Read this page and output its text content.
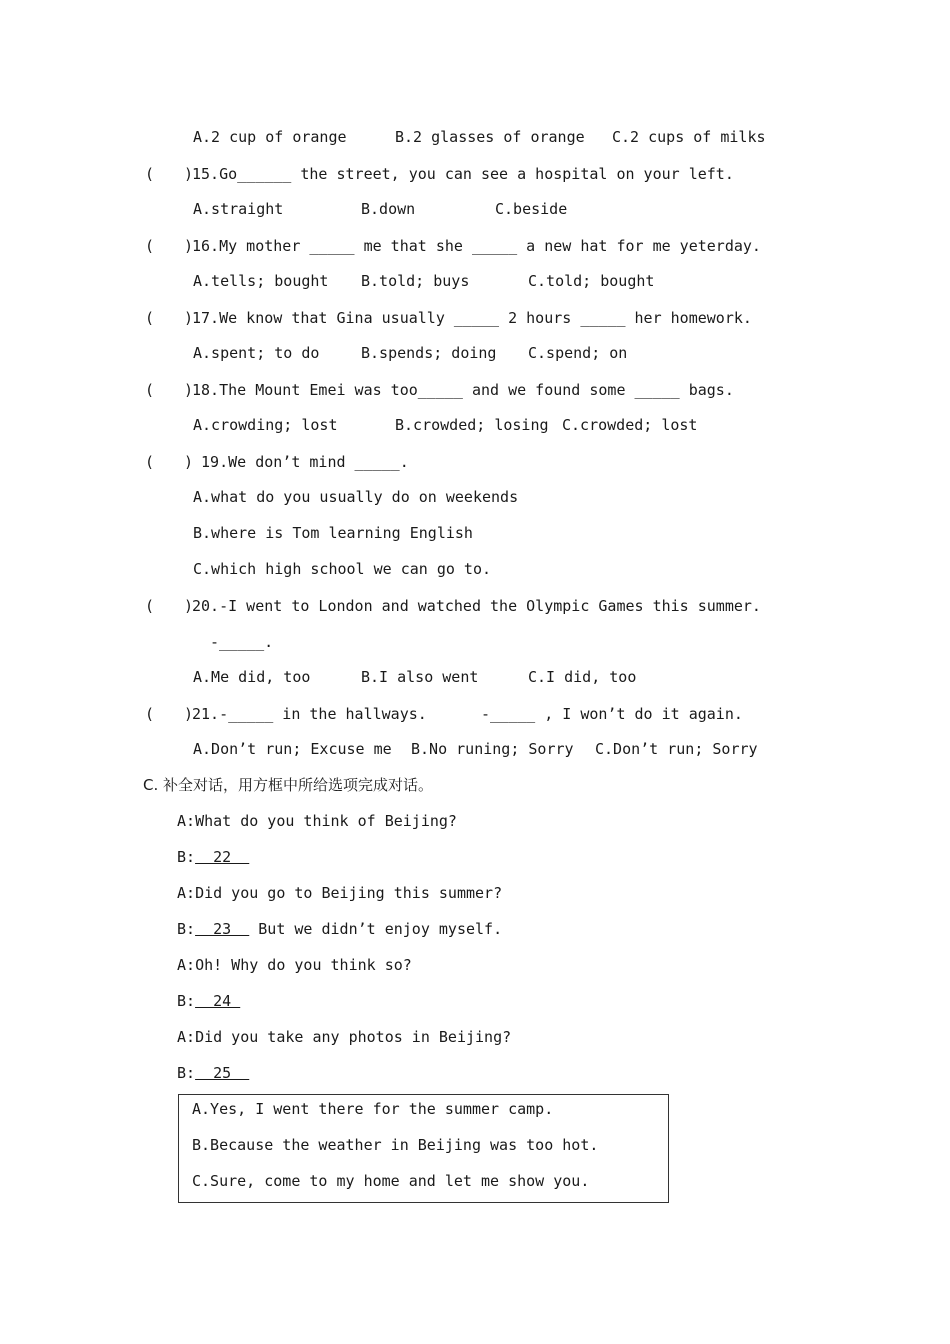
A.2 cup of orange	B.2 glasses of orange C.2 cups of milks
( )
15.Go______ the street, you can see a hospital on your left.
A.straight	B.down	C.beside
( )
16.My mother _____ me that she _____ a new hat for me yeterday.
A.tells; bought B.told; buys	C.told; bought
( )
17.We know that Gina usually _____ 2 hours _____ her homework.
A.spent; to do	B.spends; doing C.spend; on
( )
18.The Mount Emei was too_____ and we found some _____ bags.
A.crowding; lost	B.crowded; losing C.crowded; lost
( )
19.We don’t mind _____.
A.what do you usually do on weekends
B.where is Tom learning English
C.which high school we can go to.
( )
20.-I went to London and watched the Olympic Games this summer.
-_____.
A.Me did, too	B.I also went	C.I did, too
( )
21.-_____ in the hallways.      -_____ , I won’t do it again.
A.Don’t run; Excuse me B.No runing; Sorry C.Don’t run; Sorry
C. 补全对话，用方框中所给选项完成对话。
A:What do you think of Beijing?
B:  22
A:Did you go to Beijing this summer?
B:  23   But we didn’t enjoy myself.
A:Oh! Why do you think so?
B:  24
A:Did you take any photos in Beijing?
B:  25
A.Yes, I went there for the summer camp.
B.Because the weather in Beijing was too hot.
C.Sure, come to my home and let me show you.
